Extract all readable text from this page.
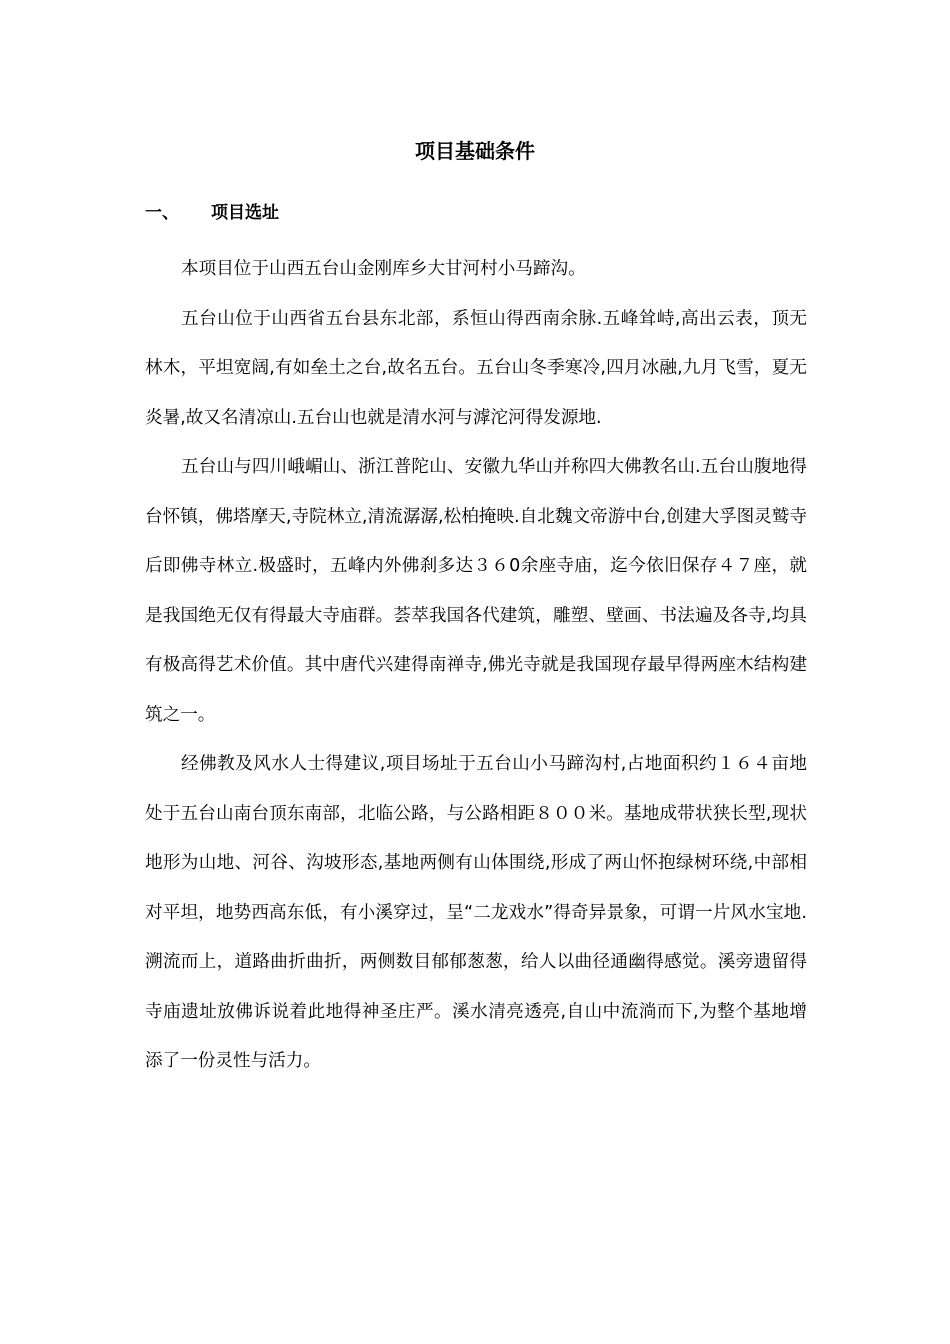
项目基础条件
一、 项目选址

本项目位于山西五台山金刚库乡大甘河村小马蹄沟。

五台山位于山西省五台县东北部，系恒山得西南余脉.五峰耸峙,高出云表，顶无林木，平坦宽阔,有如垒土之台,故名五台。五台山冬季寒冷,四月冰融,九月飞雪，夏无炎暑,故又名清凉山.五台山也就是清水河与滹沱河得发源地.

五台山与四川峨嵋山、浙江普陀山、安徽九华山并称四大佛教名山.五台山腹地得台怀镇，佛塔摩天,寺院林立,清流潺潺,松柏掩映.自北魏文帝游中台,创建大孚图灵鹫寺后即佛寺林立.极盛时，五峰内外佛刹多达３６0余座寺庙，迄今依旧保存４７座，就是我国绝无仅有得最大寺庙群。荟萃我国各代建筑，雕塑、壁画、书法遍及各寺,均具有极高得艺术价值。其中唐代兴建得南禅寺,佛光寺就是我国现存最早得两座木结构建筑之一。

经佛教及风水人士得建议,项目场址于五台山小马蹄沟村,占地面积约１６４亩地处于五台山南台顶东南部，北临公路，与公路相距８００米。基地成带状狭长型,现状地形为山地、河谷、沟坡形态,基地两侧有山体围绕,形成了两山怀抱绿树环绕,中部相对平坦，地势西高东低，有小溪穿过，呈“二龙戏水”得奇异景象，可谓一片风水宝地.溯流而上，道路曲折曲折，两侧数目郁郁葱葱，给人以曲径通幽得感觉。溪旁遗留得寺庙遗址放佛诉说着此地得神圣庄严。溪水清亮透亮,自山中流淌而下,为整个基地增添了一份灵性与活力。
